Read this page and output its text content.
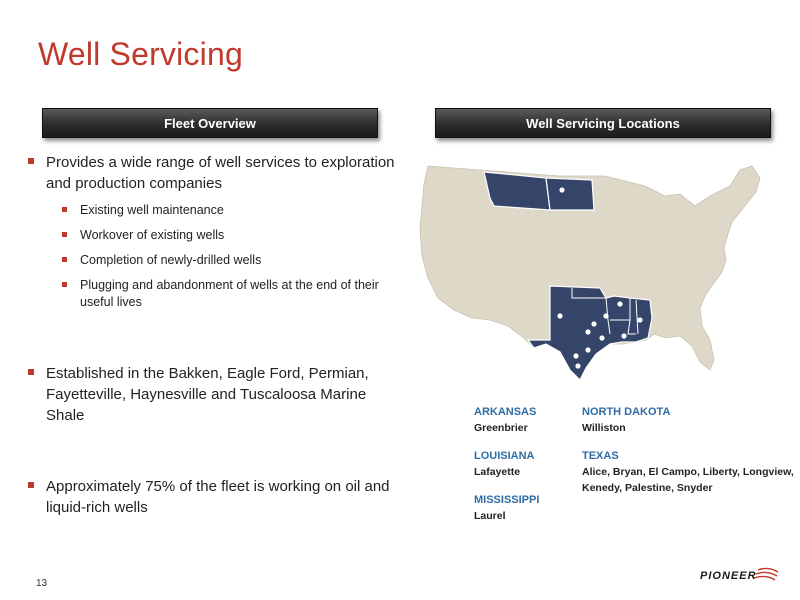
Well Servicing
Fleet Overview	Well Servicing Locations
Provides a wide range of well services to exploration and production companies
Existing well maintenance
Workover of existing wells
Completion of newly-drilled wells
Plugging and abandonment of wells at the end of their useful lives
Established in the Bakken, Eagle Ford, Permian, Fayetteville, Haynesville and Tuscaloosa Marine Shale
Approximately 75% of the fleet is working on oil and liquid-rich wells
ARKANSAS
Greenbrier
LOUISIANA
Lafayette
MISSISSIPPI
Laurel
NORTH DAKOTA
Williston
TEXAS
Alice, Bryan, El Campo, Liberty, Longview, Kenedy, Palestine, Snyder
13
PIONEER
